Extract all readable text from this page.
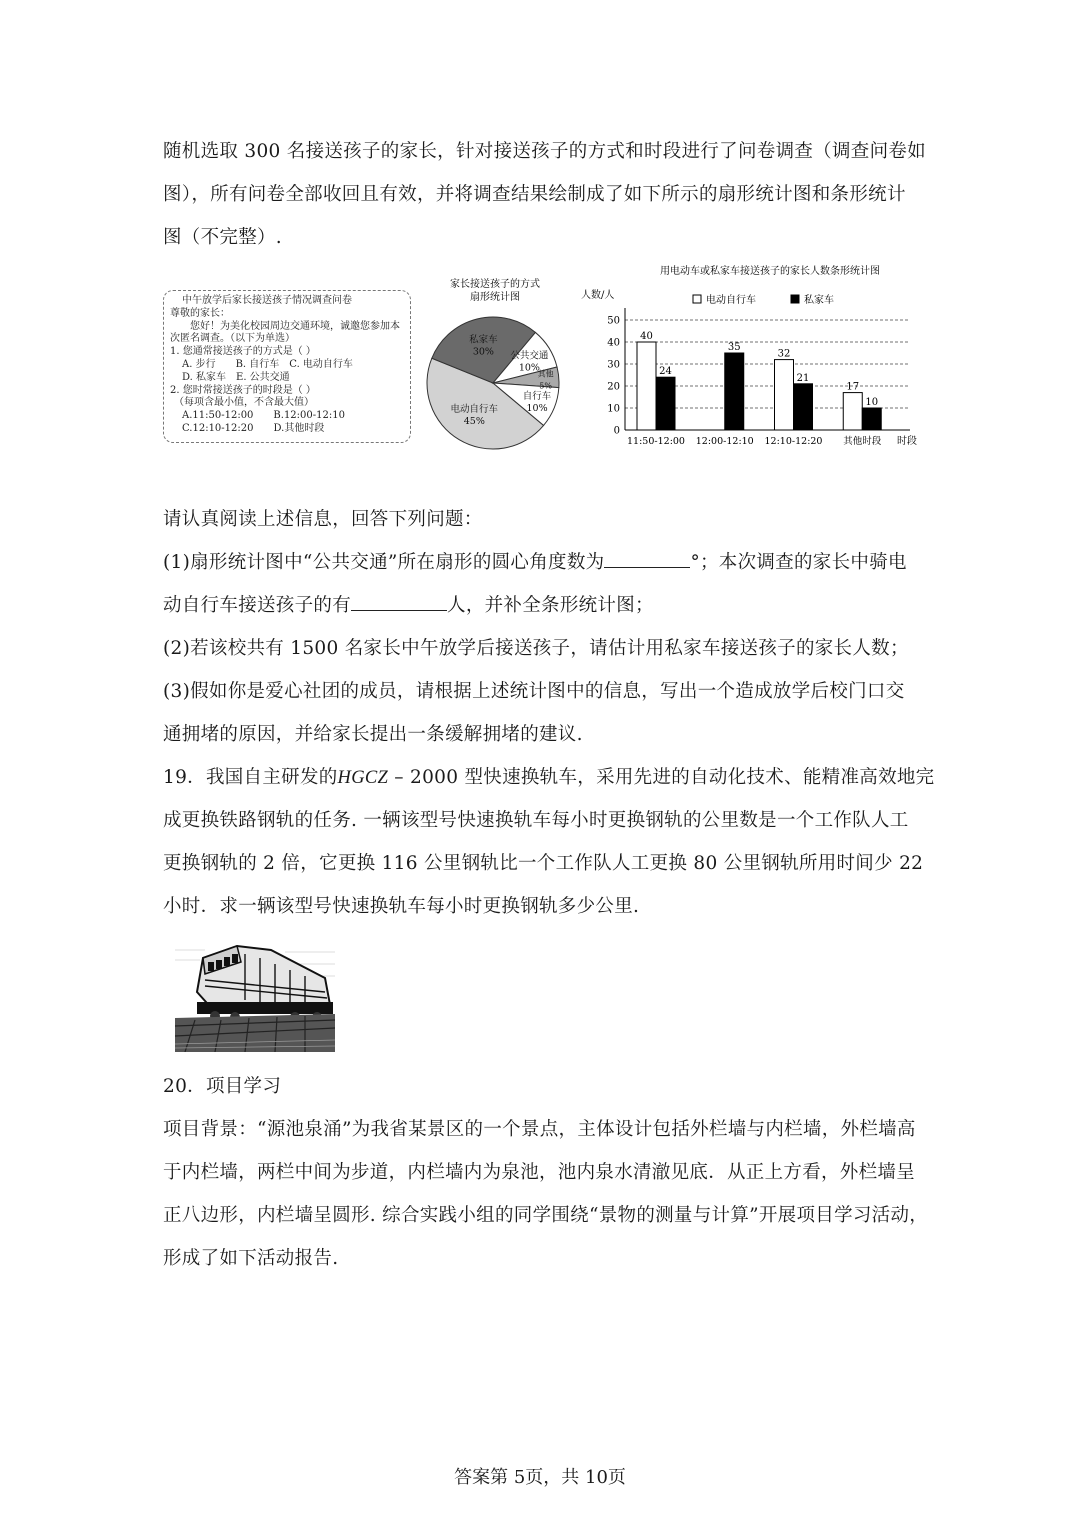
随机选取 300 名接送孩子的家长，针对接送孩子的方式和时段进行了问卷调查（调查问卷如
图），所有问卷全部收回且有效，并将调查结果绘制成了如下所示的扇形统计图和条形统计
图（不完整）.
中午放学后家长接送孩子情况调查问卷
尊敬的家长：
您好！为美化校园周边交通环境，诚邀您参加本
次匿名调查。（以下为单选）
1. 您通常接送孩子的方式是（ ）
A. 步行　　B. 自行车　C. 电动自行车
D. 私家车　E. 公共交通
2. 您时常接送孩子的时段是（ ）
（每项含最小值，不含最大值）
A.11:50-12:00　　B.12:00-12:10
C.12:10-12:20　　D.其他时段
家长接送孩子的方式
扇形统计图
电动自行车
45%
私家车
30% 公共交通
10%
其他
5%
自行车
10%
用电动车或私家车接送孩子的家长人数条形统计图
人数/人	电动自行车	私家车
40
24
35
32
21
17
10
0
10
20
30
40
50
11:50-12:00 12:00-12:10 12:10-12:20 其他时段 时段
请认真阅读上述信息，回答下列问题：
(1)扇形统计图中“公共交通”所在扇形的圆心角度数为	°；本次调查的家长中骑电
动自行车接送孩子的有	人，并补全条形统计图；
(2)若该校共有 1500 名家长中午放学后接送孩子，请估计用私家车接送孩子的家长人数；
(3)假如你是爱心社团的成员，请根据上述统计图中的信息，写出一个造成放学后校门口交
通拥堵的原因，并给家长提出一条缓解拥堵的建议.
19．我国自主研发的HGCZ – 2000 型快速换轨车，采用先进的自动化技术、能精准高效地完
成更换铁路钢轨的任务. 一辆该型号快速换轨车每小时更换钢轨的公里数是一个工作队人工
更换钢轨的 2 倍，它更换 116 公里钢轨比一个工作队人工更换 80 公里钢轨所用时间少 22
小时．求一辆该型号快速换轨车每小时更换钢轨多少公里.
20．项目学习
项目背景：“源池泉涌”为我省某景区的一个景点，主体设计包括外栏墙与内栏墙，外栏墙高
于内栏墙，两栏中间为步道，内栏墙内为泉池，池内泉水清澈见底．从正上方看，外栏墙呈
正八边形，内栏墙呈圆形. 综合实践小组的同学围绕“景物的测量与计算”开展项目学习活动，
形成了如下活动报告.
答案第 5页，共 10页
